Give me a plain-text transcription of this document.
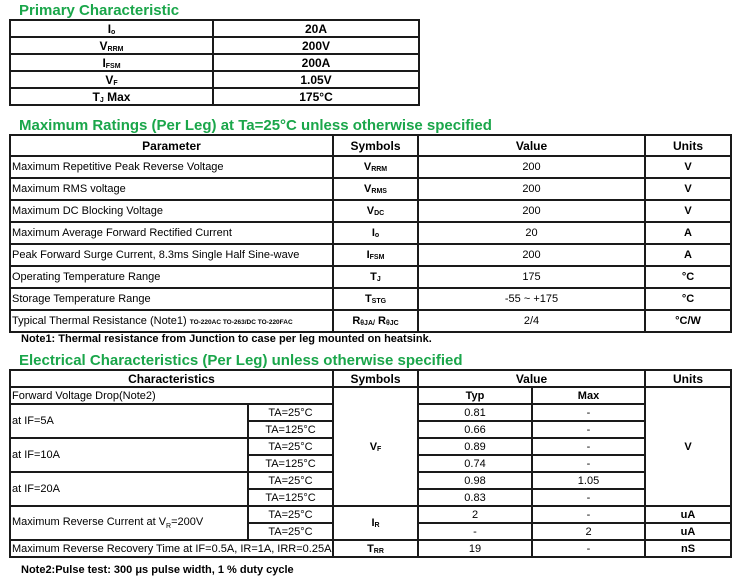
Primary Characteristic
$I_o$	20A
$V_{RRM}$	200V
$I_{FSM}$	200A
$V_F$	1.05V
$T_J$ Max	175°C
Maximum Ratings (Per Leg) at Ta=25°C unless otherwise specified
Parameter	Symbols	Value	Units
Maximum Repetitive Peak Reverse Voltage	$V_{RRM}$	200	V
Maximum RMS voltage	$V_{RMS}$	200	V
Maximum DC Blocking Voltage	$V_{DC}$	200	V
Maximum Average Forward Rectified Current	$I_o$	20	A
Peak Forward Surge Current, 8.3ms Single Half Sine-wave	$I_{FSM}$	200	A
Operating Temperature Range	$T_J$	175	°C
Storage Temperature Range	$T_{STG}$	-55 ~ +175	°C
Typical Thermal Resistance (Note1) TO-220AC TO-263/DC TO-220FAC	$R_{\theta JA/}$ $R_{\theta JC}$	2/4	°C/W
Note1: Thermal resistance from Junction to case per leg mounted on heatsink.
Electrical Characteristics (Per Leg) unless otherwise specified
Characteristics		Symbols	Value		Units
Forward Voltage Drop(Note2)		$V_F$	Typ	Max	V
at IF=5A	TA=25°C		0.81	-	
	TA=125°C		0.66	-	
at IF=10A	TA=25°C		0.89	-	
	TA=125°C		0.74	-	
at IF=20A	TA=25°C		0.98	1.05	
	TA=125°C		0.83	-	
Maximum Reverse Current at $V_R=200V$	TA=25°C	$I_R$	2	-	uA
	TA=25°C		-	2	uA
Maximum Reverse Recovery Time at IF=0.5A, IR=1A, IRR=0.25A		$T_{RR}$	19	-	nS
Note2:Pulse test: 300 μs pulse width, 1 % duty cycle
